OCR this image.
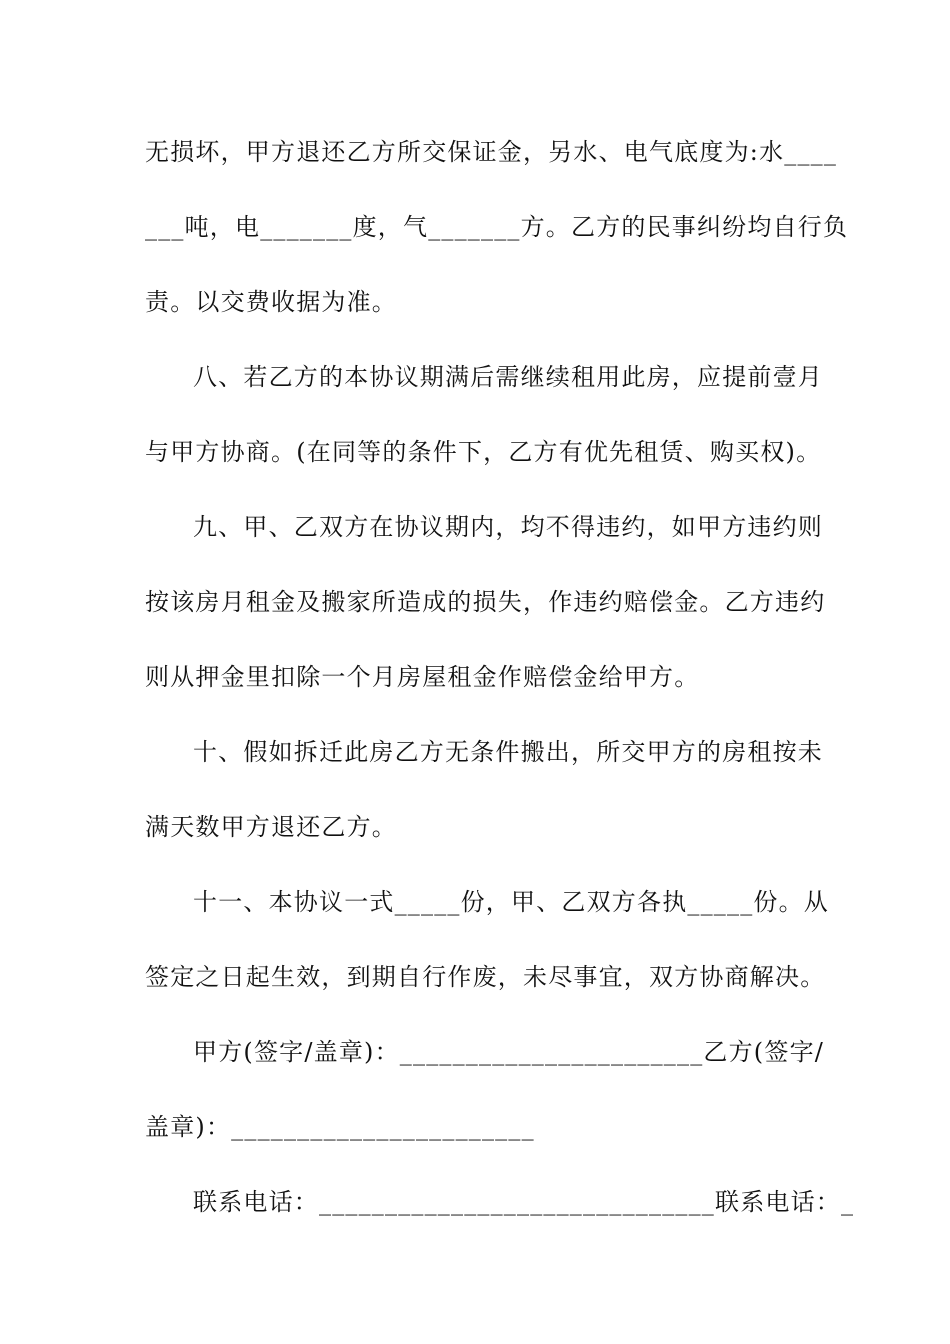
无损坏，甲方退还乙方所交保证金，另水、电气底度为:水____
___吨，电_______度，气_______方。乙方的民事纠纷均自行负
责。以交费收据为准。
八、若乙方的本协议期满后需继续租用此房，应提前壹月
与甲方协商。(在同等的条件下，乙方有优先租赁、购买权)。
九、甲、乙双方在协议期内，均不得违约，如甲方违约则
按该房月租金及搬家所造成的损失，作违约赔偿金。乙方违约
则从押金里扣除一个月房屋租金作赔偿金给甲方。
十、假如拆迁此房乙方无条件搬出，所交甲方的房租按未
满天数甲方退还乙方。
十一、本协议一式_____份，甲、乙双方各执_____份。从
签定之日起生效，到期自行作废，未尽事宜，双方协商解决。
甲方(签字/盖章)：_______________________乙方(签字/
盖章)：_______________________
联系电话：______________________________联系电话：_
